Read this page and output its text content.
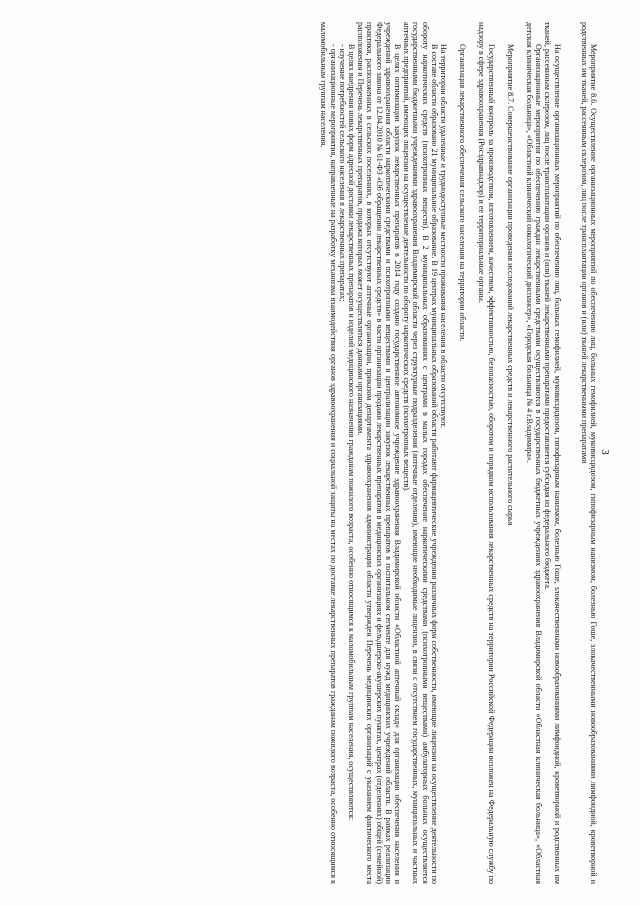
3

Мероприятие 8.6. Осуществление организационных мероприятий по обеспечению лиц, больных гемофилией, муковисцидозом, гипофизарным нанизмом, болезнью Гоше, злокачественными новообразованиями лимфоидной, кроветворной и родственных им тканей, рассеянным склерозом, лиц после трансплантации органов и (или) тканей лекарственными препаратами

На осуществление организационных мероприятий по обеспечению лиц, больных гемофилией, муковисцидозом, гипофизарным нанизмом, болезнью Гоше, злокачественными новообразованиями лимфоидной, кроветворной и родственных им тканей, рассеянным склерозом, лиц после трансплантации органов и (или) тканей лекарственными препаратами предоставляется субсидия из федерального бюджета.

Организационные мероприятия по обеспечению граждан лекарственными средствами осуществляются в государственных бюджетных учреждениях здравоохранения Владимирской области «Областная клиническая больница», «Областная детская клиническая больница», «Областной клинический онкологический диспансер», «Городская больница № 4 г.Владимира».

Мероприятие 8.7. Совершенствование организации проведения исследований лекарственных средств и лекарственного растительного сырья

Государственный контроль за производством, изготовлением, качеством, эффективностью, безопасностью, оборотом и порядком использования лекарственных средств на территории Российской Федерации возложен на Федеральную службу по надзору в сфере здравоохранения (Росздравнадзор) и ее территориальные органы.

Организация лекарственного обеспечения сельского населения на территории области.

На территории области удаленные и труднодоступные местности проживания населения в области отсутствуют.

В составе области образовано 21 муниципальное образование. В 19 центрах муниципальных образований области работают фармацевтические учреждения различных форм собственности, имеющие лицензии на осуществление деятельности по обороту наркотических средств (психотропных веществ). В 2 муниципальных образованиях с центрами в малых городах обеспечение наркотическими средствами (психотропными веществами) амбулаторных больных осуществляется государственными бюджетными учреждениями здравоохранения Владимирской области через структурные подразделения (аптечные отделения), имеющие необходимые лицензии, в связи с отсутствием государственных, муниципальных и частных аптечных предприятий, имеющих лицензии на осуществление деятельности по обороту наркотических средств (психотропных веществ).

В целях оптимизации закупок лекарственных препаратов в 2014 году создано государственное автономное учреждение здравоохранения Владимирской области «Областной аптечный склад» для организации обеспечения населения и учреждений здравоохранения области наркотическими средствами и психотропными веществами и централизации закупок лекарственных препаратов в госпитальном сегменте для нужд медицинских учреждений области. В рамках реализации Федерального закона от 12.04.2010 № 61-ФЗ «Об обращении лекарственных средств» в части организации продажи лекарственных препаратов в медицинских организациях и фельдшерско-акушерских пунктах, центрах (отделениях) общей (семейной) практики, расположенных в сельских поселениях, в которых отсутствуют аптечные организации, приказом департамента здравоохранения администрации области утвержден Перечень медицинских организаций с указанием фактического места расположения и Перечень лекарственных препаратов, продажа которых может осуществляться данными организациями.

В целях внедрения новых форм адресной доставки лекарственных препаратов и изделий медицинского назначения гражданам пожилого возраста, особенно относящимся к маломобильным группам населения, осуществляются:

- изучение потребностей сельского населения в лекарственных препаратах;

- организационные мероприятия, направленные на разработку механизма взаимодействия органов здравоохранения и социальной защиты на местах по доставке лекарственных препаратов гражданам пожилого возраста, особенно относящимся к маломобильным группам населения.
